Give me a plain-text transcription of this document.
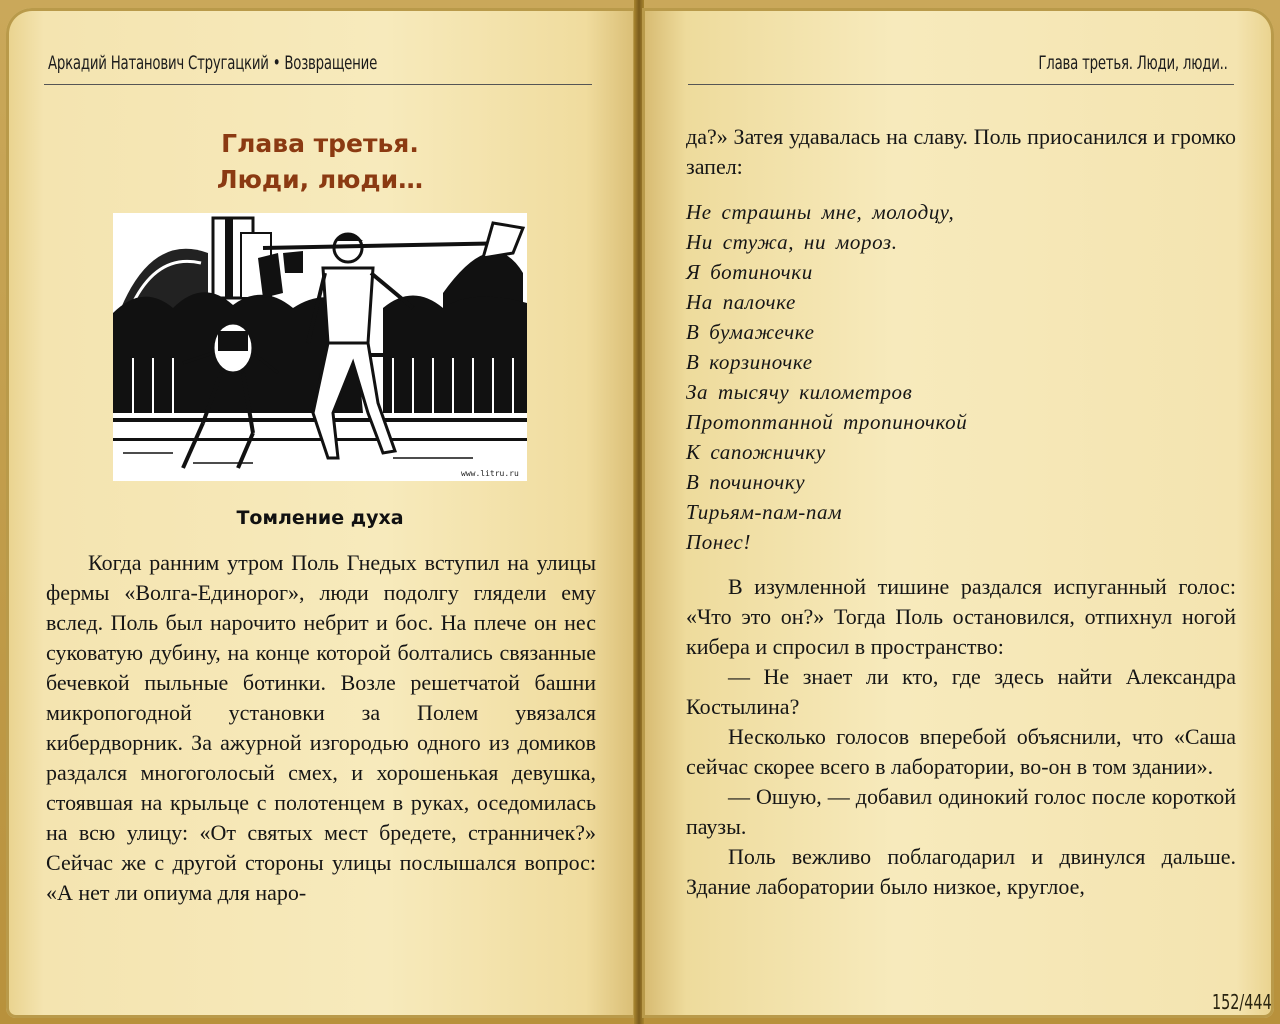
Аркадий Натанович Стругацкий • Возвращение	Глава третья. Люди, люди..
Глава третья.
Люди, люди…
www.litru.ru
Томление духа

Когда ранним утром Поль Гнедых вступил на улицы фермы «Волга-Единорог», люди подолгу глядели ему вслед. Поль был нарочито небрит и бос. На плече он нес суковатую дубину, на конце которой болтались связанные бечевкой пыльные ботинки. Возле решетчатой башни микропогодной установки за Полем увязался кибердворник. За ажурной изгородью одного из домиков раздался многоголосый смех, и хорошенькая девушка, стоявшая на крыльце с полотенцем в руках, оседомилась на всю улицу: «От святых мест бредете, странничек?» Сейчас же с другой стороны улицы послышался вопрос: «А нет ли опиума для наро-

да?» Затея удавалась на славу. Поль приосанился и громко запел:

Не страшны мне, молодцу,
Ни стужа, ни мороз.
Я ботиночки
На палочке
В бумажечке
В корзиночке
За тысячу километров
Протоптанной тропиночкой
К сапожничку
В починочку
Тирьям-пам-пам
Понес!

В изумленной тишине раздался испуганный голос: «Что это он?» Тогда Поль остановился, отпихнул ногой кибера и спросил в пространство:

— Не знает ли кто, где здесь найти Александра Костылина?

Несколько голосов вперебой объяснили, что «Саша сейчас скорее всего в лаборатории, во-он в том здании».

— Ошую, — добавил одинокий голос после короткой паузы.

Поль вежливо поблагодарил и двинулся дальше. Здание лаборатории было низкое, круглое,

152/444
